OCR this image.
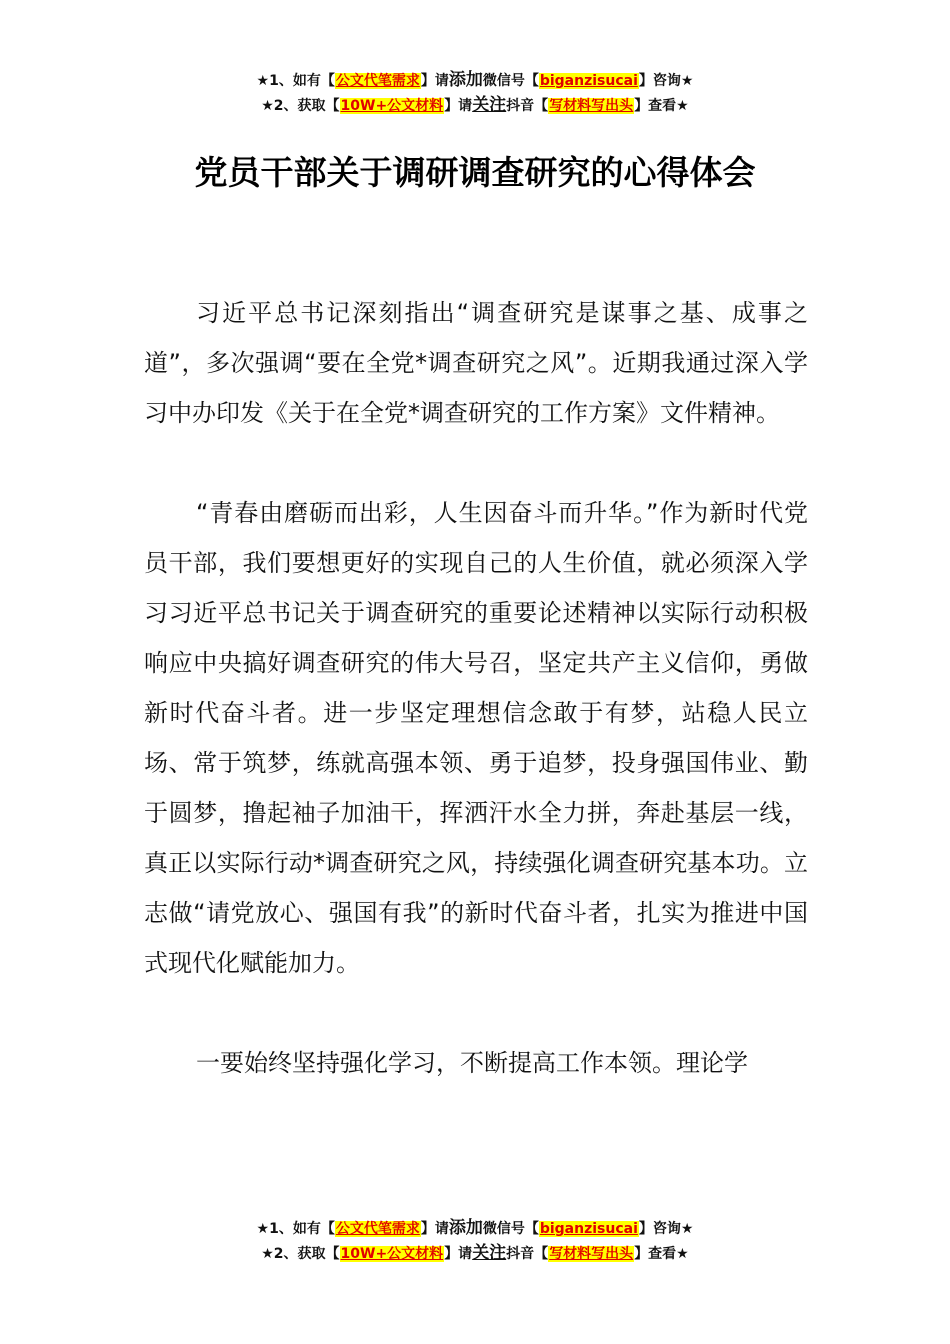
★1、如有【公文代笔需求】请添加微信号【biganzisucai】咨询★
★2、获取【10W+公文材料】请关注抖音【写材料写出头】查看★
党员干部关于调研调查研究的心得体会

习近平总书记深刻指出“调查研究是谋事之基、成事之道”，多次强调“要在全党*调查研究之风”。近期我通过深入学习中办印发《关于在全党*调查研究的工作方案》文件精神。

“青春由磨砺而出彩，人生因奋斗而升华。”作为新时代党员干部，我们要想更好的实现自己的人生价值，就必须深入学习习近平总书记关于调查研究的重要论述精神以实际行动积极响应中央搞好调查研究的伟大号召，坚定共产主义信仰，勇做新时代奋斗者。进一步坚定理想信念敢于有梦，站稳人民立场、常于筑梦，练就高强本领、勇于追梦，投身强国伟业、勤于圆梦，撸起袖子加油干，挥洒汗水全力拼，奔赴基层一线，真正以实际行动*调查研究之风，持续强化调查研究基本功。立志做“请党放心、强国有我”的新时代奋斗者，扎实为推进中国式现代化赋能加力。

一要始终坚持强化学习，不断提高工作本领。理论学

★1、如有【公文代笔需求】请添加微信号【biganzisucai】咨询★
★2、获取【10W+公文材料】请关注抖音【写材料写出头】查看★
